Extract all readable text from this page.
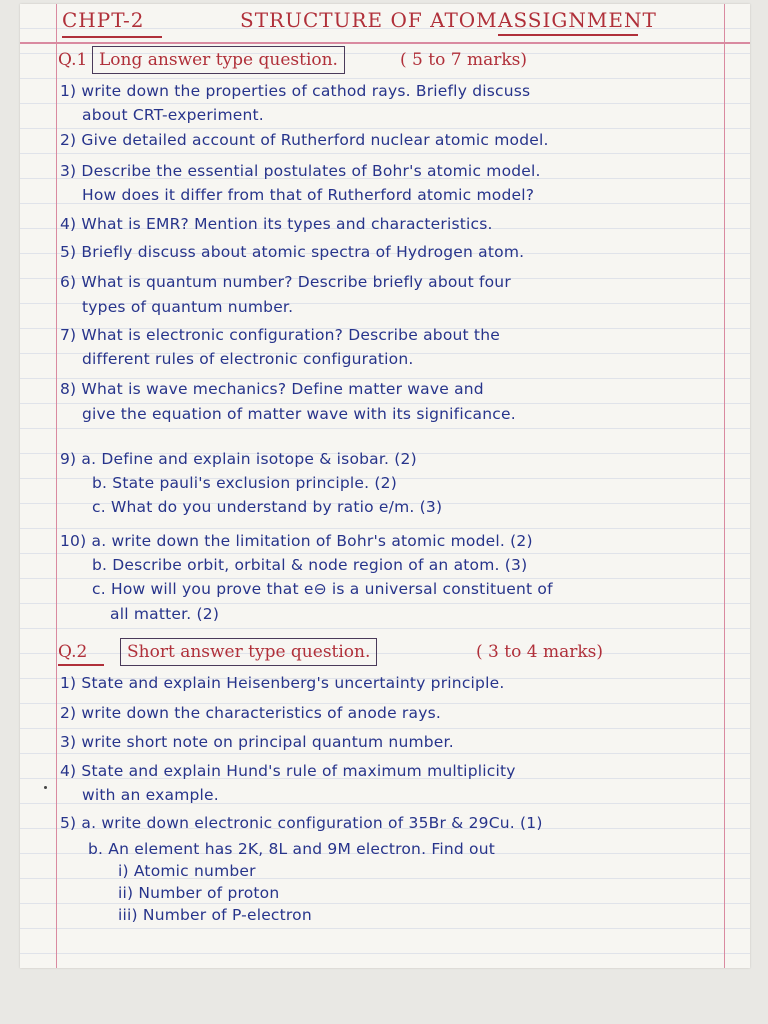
CHPT-2	STRUCTURE OF ATOM ASSIGNMENT
Q.1 Long answer type question.	( 5 to 7 marks)
1) write down the properties of cathod rays. Briefly discuss
about CRT-experiment.
2) Give detailed account of Rutherford nuclear atomic model.
3) Describe the essential postulates of Bohr's atomic model.
How does it differ from that of Rutherford atomic model?
4) What is EMR? Mention its types and characteristics.
5) Briefly discuss about atomic spectra of Hydrogen atom.
6) What is quantum number? Describe briefly about four
types of quantum number.
7) What is electronic configuration? Describe about the
different rules of electronic configuration.
8) What is wave mechanics? Define matter wave and
give the equation of matter wave with its significance.
9) a. Define and explain isotope & isobar. (2)
b. State pauli's exclusion principle. (2)
c. What do you understand by ratio e/m. (3)
10) a. write down the limitation of Bohr's atomic model. (2)
b. Describe orbit, orbital & node region of an atom. (3)
c. How will you prove that e⊖ is a universal constituent of
all matter. (2)
Q.2	Short answer type question.	( 3 to 4 marks)
1) State and explain Heisenberg's uncertainty principle.
2) write down the characteristics of anode rays.
3) write short note on principal quantum number.
4) State and explain Hund's rule of maximum multiplicity
with an example.
5) a. write down electronic configuration of 35Br & 29Cu. (1)
b. An element has 2K, 8L and 9M electron. Find out
i) Atomic number
ii) Number of proton
iii) Number of P-electron
